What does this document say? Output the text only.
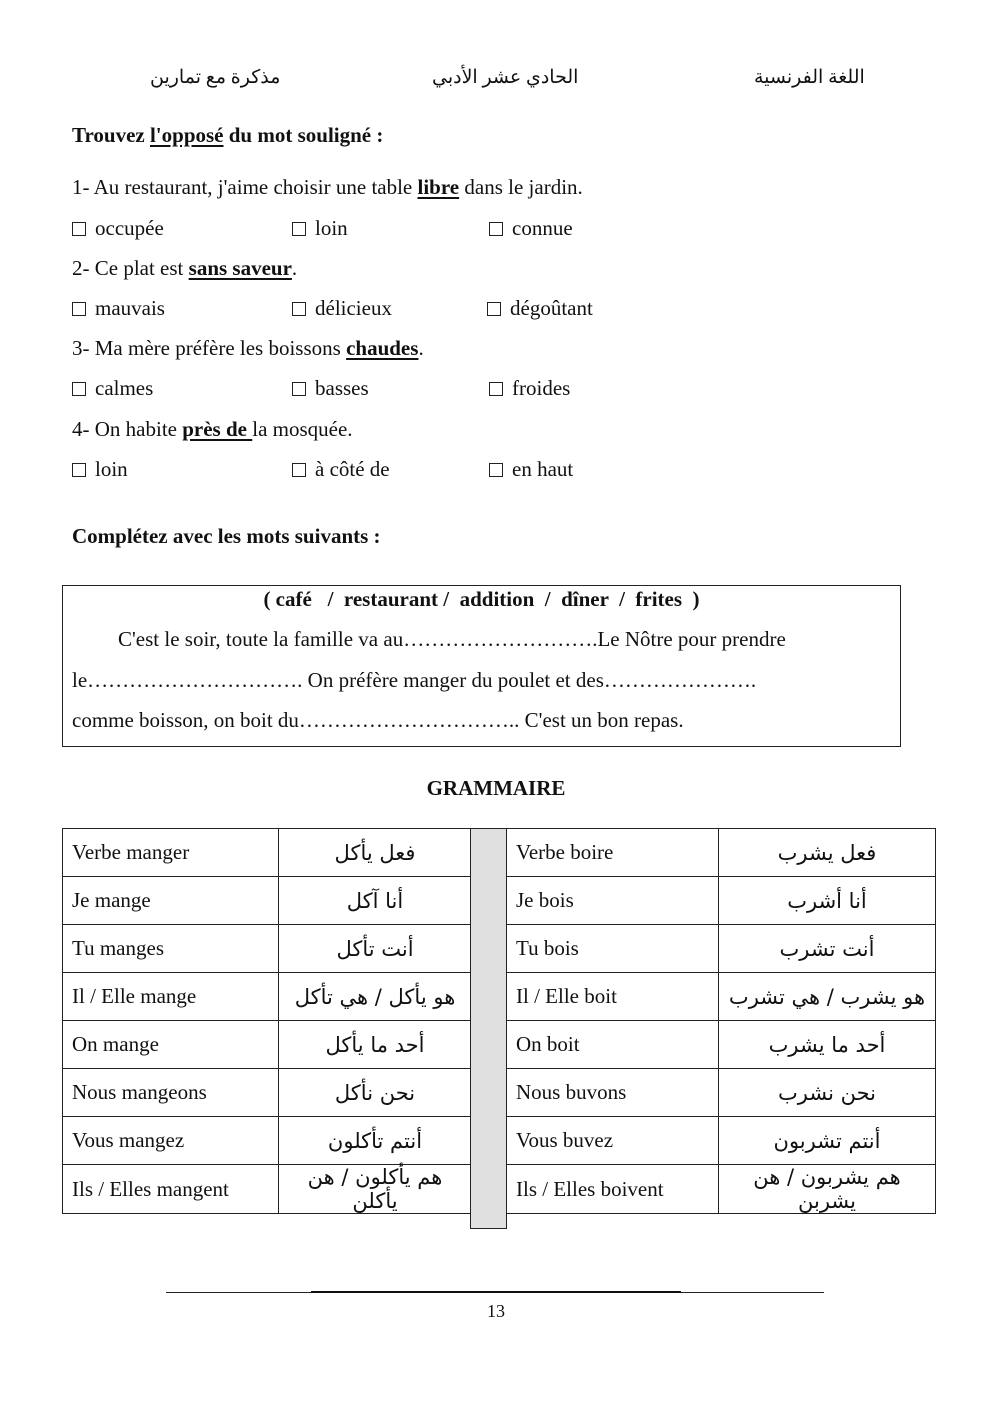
مذكرة مع تمارين	الحادي عشر الأدبي	اللغة الفرنسية
Trouvez l'opposé du mot souligné :
1- Au restaurant, j'aime choisir une table libre dans le jardin.
occupée	loin	connue
2- Ce plat est sans saveur.
mauvais	délicieux	dégoûtant
3- Ma mère préfère les boissons chaudes.
calmes	basses	froides
4- On habite près de la mosquée.
loin	à côté de	en haut
Complétez avec les mots suivants :
( café   /  restaurant /  addition  /  dîner  /  frites  )
C'est le soir, toute la famille va au……………………….Le Nôtre pour prendre
le…………………………. On préfère manger du poulet et des………………….
comme boisson, on boit du………………………….. C'est un bon repas.
GRAMMAIRE
Verbe manger	فعل يأكل
Je mange	أنا آكل
Tu manges	أنت تأكل
Il / Elle mange	هو يأكل / هي تأكل
On mange	أحد ما يأكل
Nous mangeons	نحن نأكل
Vous mangez	أنتم تأكلون
Ils / Elles mangent	هم يأكلون / هن يأكلن
Verbe boire	فعل يشرب
Je bois	أنا أشرب
Tu bois	أنت تشرب
Il / Elle boit	هو يشرب / هي تشرب
On boit	أحد ما يشرب
Nous buvons	نحن نشرب
Vous buvez	أنتم تشربون
Ils / Elles boivent	هم يشربون / هن يشربن
13
